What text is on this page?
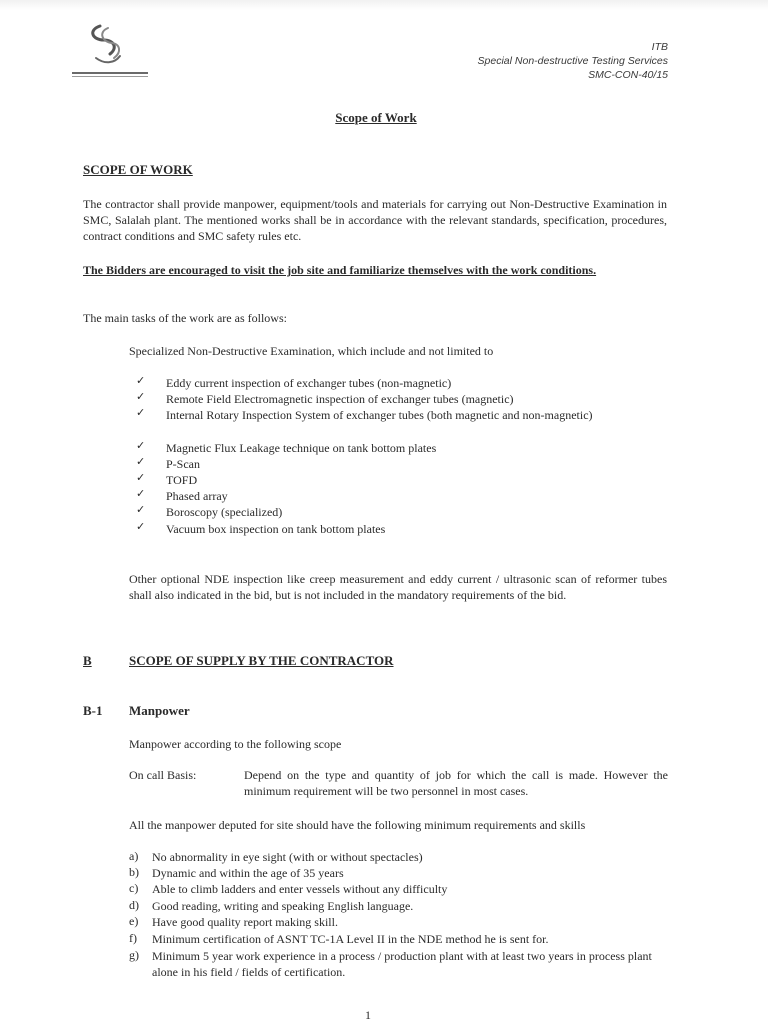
ITB
Special Non-destructive Testing Services
SMC-CON-40/15
Scope of Work
SCOPE OF WORK
The contractor shall provide manpower, equipment/tools and materials for carrying out Non-Destructive Examination in SMC, Salalah plant. The mentioned works shall be in accordance with the relevant standards, specification, procedures, contract conditions and SMC safety rules etc.
The Bidders are encouraged to visit the job site and familiarize themselves with the work conditions.
The main tasks of the work are as follows:
Specialized Non-Destructive Examination, which include and not limited to
✓ Eddy current inspection of exchanger tubes (non-magnetic)
✓ Remote Field Electromagnetic inspection of exchanger tubes (magnetic)
✓ Internal Rotary Inspection System of exchanger tubes (both magnetic and non-magnetic)
✓ Magnetic Flux Leakage technique on tank bottom plates
✓ P-Scan
✓ TOFD
✓ Phased array
✓ Boroscopy (specialized)
✓ Vacuum box inspection on tank bottom plates
Other optional NDE inspection like creep measurement and eddy current / ultrasonic scan of reformer tubes shall also indicated in the bid, but is not included in the mandatory requirements of the bid.
B	SCOPE OF SUPPLY BY THE CONTRACTOR
B-1 Manpower
Manpower according to the following scope
On call Basis:	Depend on the type and quantity of job for which the call is made. However the minimum requirement will be two personnel in most cases.
All the manpower deputed for site should have the following minimum requirements and skills
a) No abnormality in eye sight (with or without spectacles)
b) Dynamic and within the age of 35 years
c) Able to climb ladders and enter vessels without any difficulty
d) Good reading, writing and speaking English language.
e) Have good quality report making skill.
f) Minimum certification of ASNT TC-1A Level II in the NDE method he is sent for.
g) Minimum 5 year work experience in a process / production plant with at least two years in process plant alone in his field / fields of certification.
1
